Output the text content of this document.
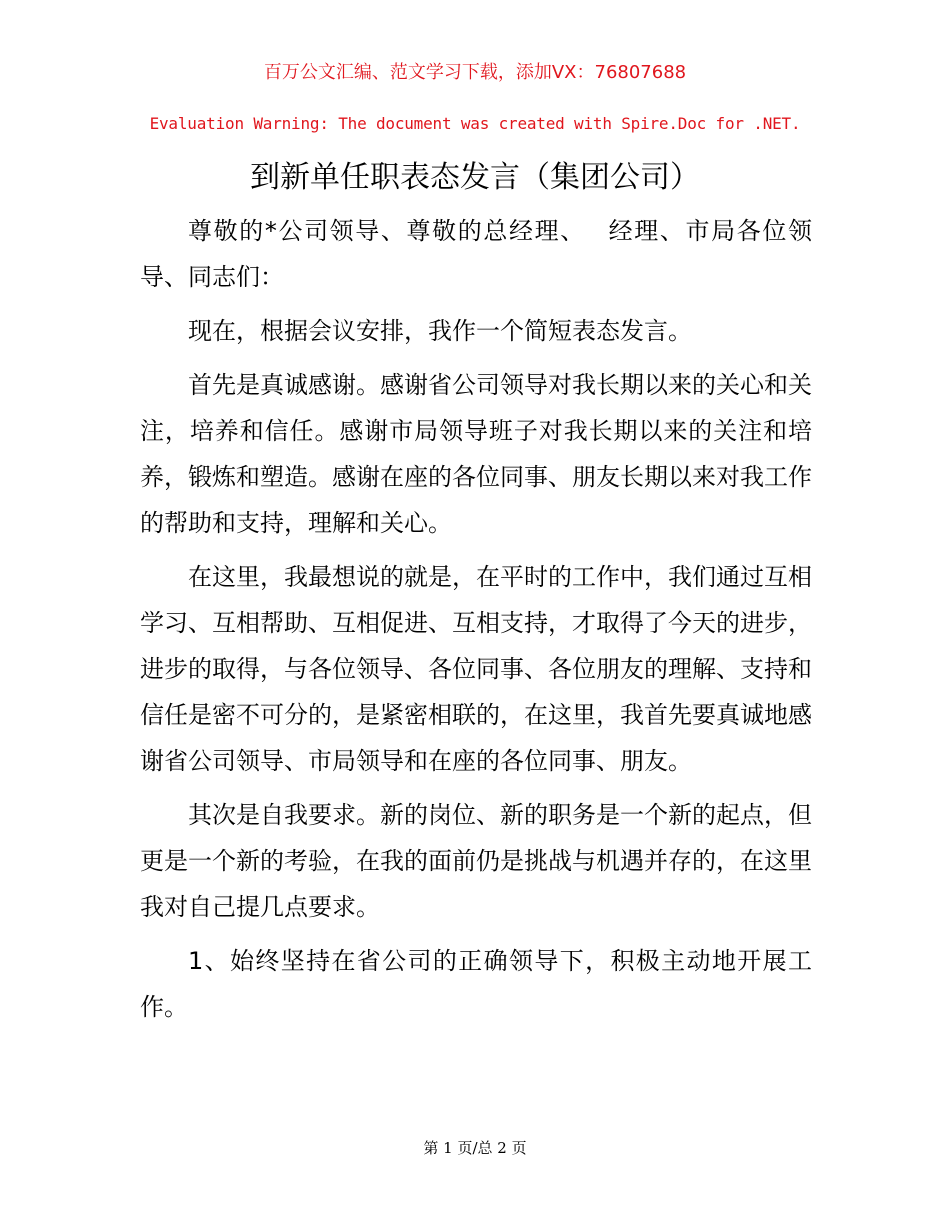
百万公文汇编、范文学习下载，添加VX：76807688
Evaluation Warning: The document was created with Spire.Doc for .NET.
到新单任职表态发言（集团公司）

尊敬的*公司领导、尊敬的总经理、　 经理、市局各位领导、同志们：

现在，根据会议安排，我作一个简短表态发言。

首先是真诚感谢。感谢省公司领导对我长期以来的关心和关注，培养和信任。感谢市局领导班子对我长期以来的关注和培养，锻炼和塑造。感谢在座的各位同事、朋友长期以来对我工作的帮助和支持，理解和关心。

在这里，我最想说的就是，在平时的工作中，我们通过互相学习、互相帮助、互相促进、互相支持，才取得了今天的进步，进步的取得，与各位领导、各位同事、各位朋友的理解、支持和信任是密不可分的，是紧密相联的，在这里，我首先要真诚地感谢省公司领导、市局领导和在座的各位同事、朋友。

其次是自我要求。新的岗位、新的职务是一个新的起点，但更是一个新的考验，在我的面前仍是挑战与机遇并存的，在这里我对自己提几点要求。

1、始终坚持在省公司的正确领导下，积极主动地开展工作。

第 1 页/总 2 页
